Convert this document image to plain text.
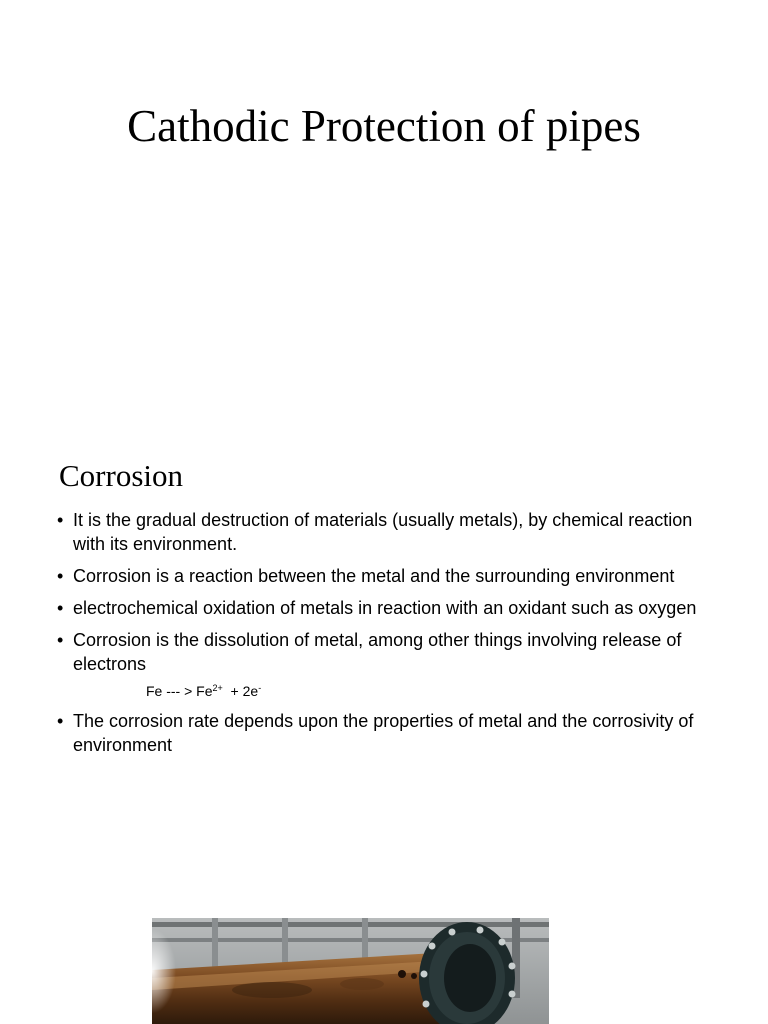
Cathodic Protection of pipes
Corrosion
• It is the gradual destruction of materials (usually metals), by chemical reaction with its environment.
• Corrosion is a reaction between the metal and the surrounding environment
• electrochemical oxidation of metals in reaction with an oxidant such as oxygen
• Corrosion is the dissolution of metal, among other things involving release of electrons
Fe --- > $Fe^{2+} + 2e^-$
• The corrosion rate depends upon the properties of metal and the corrosivity of environment
